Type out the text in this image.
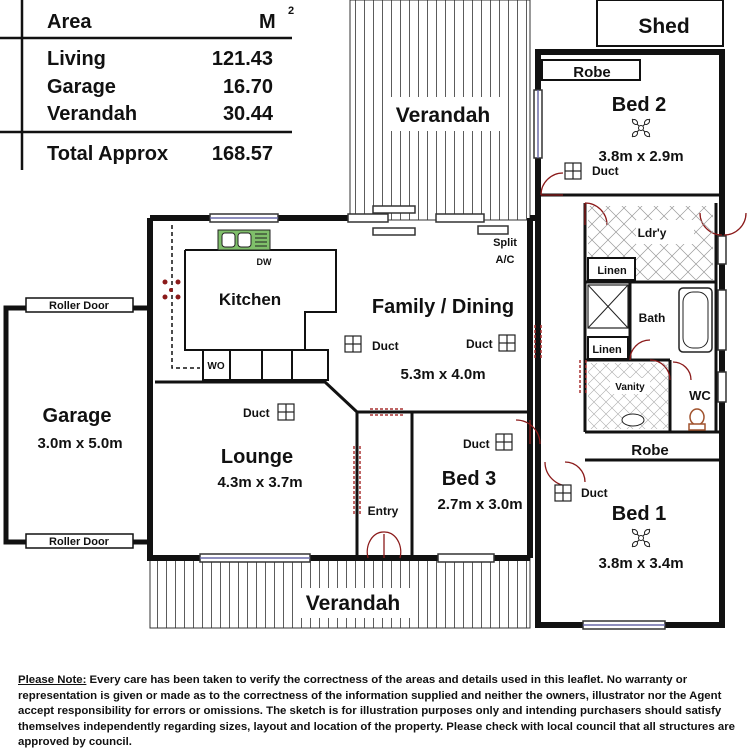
Area	M 2
Living	121.43
Garage	16.70
Verandah	30.44
Total Approx 168.57
Verandah
Verandah
Shed
Roller Door
Roller Door
Garage
3.0m x 5.0m
DW
WO
Kitchen
Ldr'y
Linen
Bath
Linen
Vanity
WC
Robe
Robe
Bed 2
3.8m x 2.9m
Bed 1
3.8m x 3.4m
Family / Dining
5.3m x 4.0m
Split
A/C
Lounge
4.3m x 3.7m
Entry
Bed 3
2.7m x 3.0m
Duct
Duct	Duct
Duct
Duct
Duct
Please Note: Every care has been taken to verify the correctness of the areas and details used in this leaflet. No warranty or representation is given or made as to the correctness of the information supplied and neither the owners, illustrator nor the Agent accept responsibility for errors or omissions. The sketch is for illustration purposes only and intending purchasers should satisfy themselves independently regarding sizes, layout and location of the property. Please check with local council that all structures are approved by council.
